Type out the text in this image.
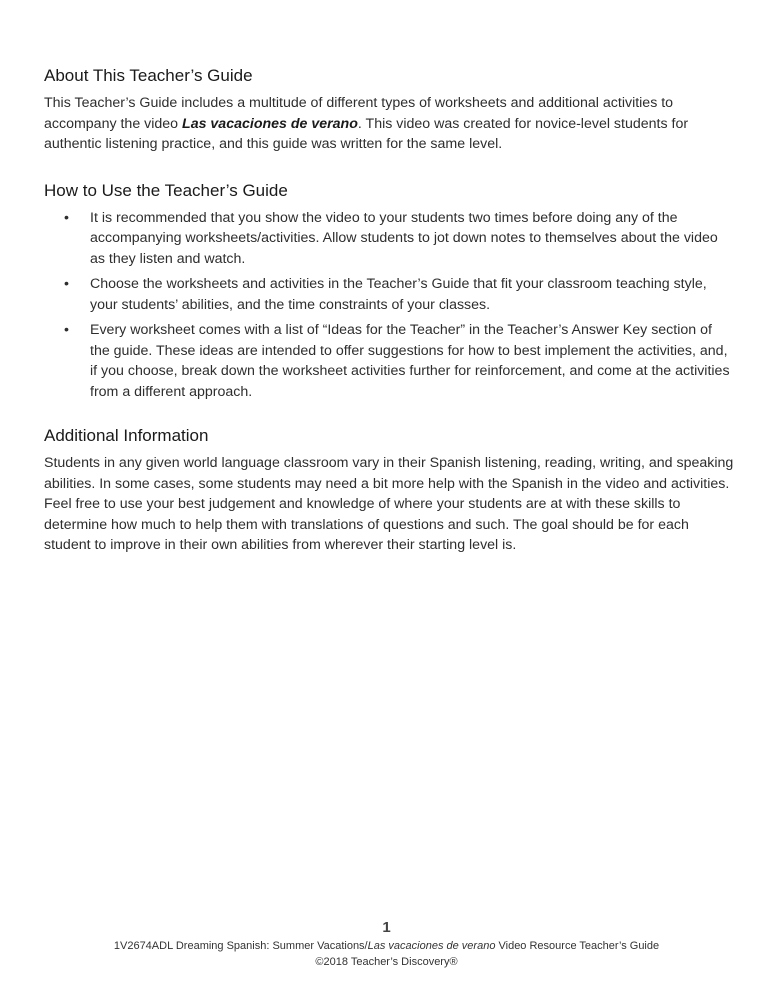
About This Teacher’s Guide

This Teacher’s Guide includes a multitude of different types of worksheets and additional activities to accompany the video Las vacaciones de verano. This video was created for novice-level students for authentic listening practice, and this guide was written for the same level.

How to Use the Teacher’s Guide
• It is recommended that you show the video to your students two times before doing any of the accompanying worksheets/activities. Allow students to jot down notes to themselves about the video as they listen and watch.
• Choose the worksheets and activities in the Teacher’s Guide that fit your classroom teaching style, your students’ abilities, and the time constraints of your classes.
• Every worksheet comes with a list of “Ideas for the Teacher” in the Teacher’s Answer Key section of the guide. These ideas are intended to offer suggestions for how to best implement the activities, and, if you choose, break down the worksheet activities further for reinforcement, and come at the activities from a different approach.
Additional Information

Students in any given world language classroom vary in their Spanish listening, reading, writing, and speaking abilities. In some cases, some students may need a bit more help with the Spanish in the video and activities. Feel free to use your best judgement and knowledge of where your students are at with these skills to determine how much to help them with translations of questions and such. The goal should be for each student to improve in their own abilities from wherever their starting level is.

1
1V2674ADL Dreaming Spanish: Summer Vacations/Las vacaciones de verano Video Resource Teacher’s Guide
©2018 Teacher’s Discovery®
